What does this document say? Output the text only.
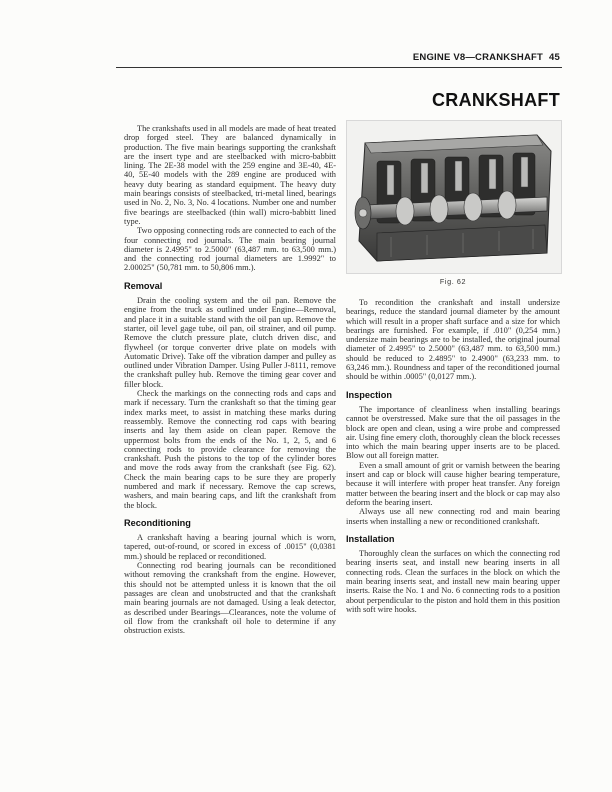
ENGINE V8—CRANKSHAFT 45
CRANKSHAFT

The crankshafts used in all models are made of heat treated drop forged steel. They are balanced dynamically in production. The five main bearings supporting the crankshaft are the insert type and are steelbacked with micro-babbitt lining. The 2E-38 model with the 259 engine and 3E-40, 4E-40, 5E-40 models with the 289 engine are produced with heavy duty bearing as standard equipment. The heavy duty main bearings consists of steelbacked, tri-metal lined, bearings used in No. 2, No. 3, No. 4 locations. Number one and number five bearings are steelbacked (thin wall) micro-babbitt lined type.

Two opposing connecting rods are connected to each of the four connecting rod journals. The main bearing journal diameter is 2.4995" to 2.5000" (63,487 mm. to 63,500 mm.) and the connecting rod journal diameters are 1.9992" to 2.00025" (50,781 mm. to 50,806 mm.).

Removal

Drain the cooling system and the oil pan. Remove the engine from the truck as outlined under Engine—Removal, and place it in a suitable stand with the oil pan up. Remove the starter, oil level gage tube, oil pan, oil strainer, and oil pump. Remove the clutch pressure plate, clutch driven disc, and flywheel (or torque converter drive plate on models with Automatic Drive). Take off the vibration damper and pulley as outlined under Vibration Damper. Using Puller J-8111, remove the crankshaft pulley hub. Remove the timing gear cover and filler block.

Check the markings on the connecting rods and caps and mark if necessary. Turn the crankshaft so that the timing gear index marks meet, to assist in matching these marks during reassembly. Remove the connecting rod caps with bearing inserts and lay them aside on clean paper. Remove the uppermost bolts from the ends of the No. 1, 2, 5, and 6 connecting rods to provide clearance for removing the crankshaft. Push the pistons to the top of the cylinder bores and move the rods away from the crankshaft (see Fig. 62). Check the main bearing caps to be sure they are properly numbered and mark if necessary. Remove the cap screws, washers, and main bearing caps, and lift the crankshaft from the block.

Reconditioning

A crankshaft having a bearing journal which is worn, tapered, out-of-round, or scored in excess of .0015" (0,0381 mm.) should be replaced or reconditioned.

Connecting rod bearing journals can be reconditioned without removing the crankshaft from the engine. However, this should not be attempted unless it is known that the oil passages are clean and unobstructed and that the crankshaft main bearing journals are not damaged. Using a leak detector, as described under Bearings—Clearances, note the volume of oil flow from the crankshaft oil hole to determine if any obstruction exists.

Fig. 62

To recondition the crankshaft and install undersize bearings, reduce the standard journal diameter by the amount which will result in a proper shaft surface and a size for which bearings are furnished. For example, if .010" (0,254 mm.) undersize main bearings are to be installed, the original journal diameter of 2.4995" to 2.5000" (63,487 mm. to 63,500 mm.) should be reduced to 2.4895" to 2.4900" (63,233 mm. to 63,246 mm.). Roundness and taper of the reconditioned journal should be within .0005" (0,0127 mm.).

Inspection

The importance of cleanliness when installing bearings cannot be overstressed. Make sure that the oil passages in the block are open and clean, using a wire probe and compressed air. Using fine emery cloth, thoroughly clean the block recesses into which the main bearing upper inserts are to be placed. Blow out all foreign matter.

Even a small amount of grit or varnish between the bearing insert and cap or block will cause higher bearing temperature, because it will interfere with proper heat transfer. Any foreign matter between the bearing insert and the block or cap may also deform the bearing insert.

Always use all new connecting rod and main bearing inserts when installing a new or reconditioned crankshaft.

Installation

Thoroughly clean the surfaces on which the connecting rod bearing inserts seat, and install new bearing inserts in all connecting rods. Clean the surfaces in the block on which the main bearing inserts seat, and install new main bearing upper inserts. Raise the No. 1 and No. 6 connecting rods to a position about perpendicular to the piston and hold them in this position with soft wire hooks.
